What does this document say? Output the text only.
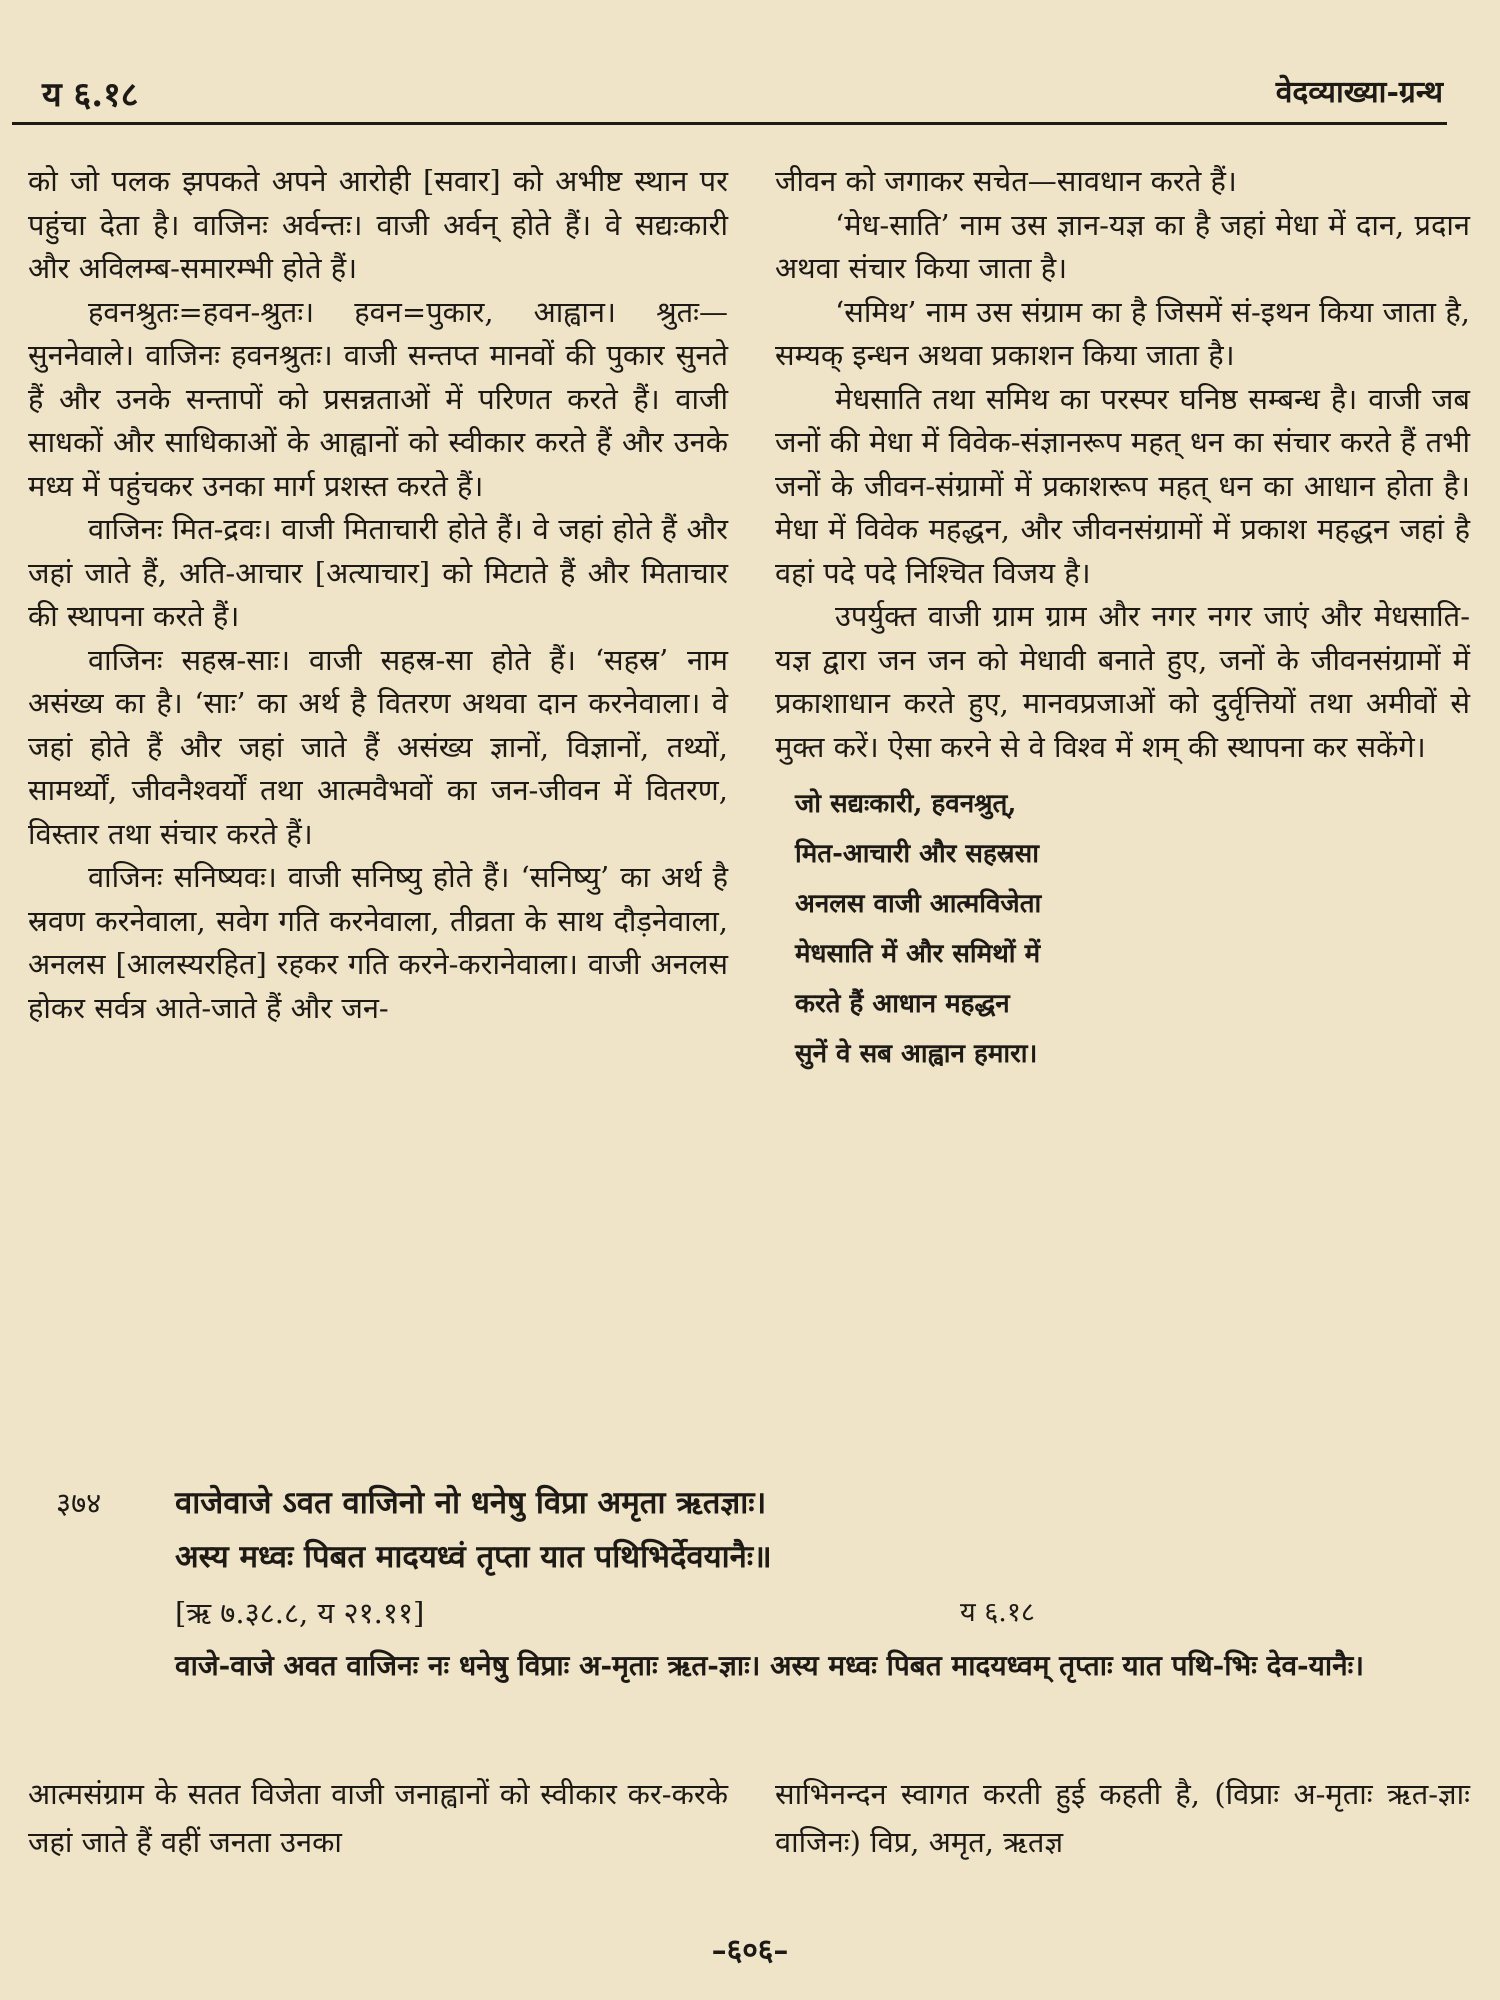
य ६.१८	वेदव्याख्या-ग्रन्थ

को जो पलक झपकते अपने आरोही [सवार] को अभीष्ट स्थान पर पहुंचा देता है। वाजिनः अर्वन्तः। वाजी अर्वन् होते हैं। वे सद्यःकारी और अविलम्ब-समारम्भी होते हैं।

हवनश्रुतः=हवन-श्रुतः। हवन=पुकार, आह्वान। श्रुतः—सुननेवाले। वाजिनः हवनश्रुतः। वाजी सन्तप्त मानवों की पुकार सुनते हैं और उनके सन्तापों को प्रसन्नताओं में परिणत करते हैं। वाजी साधकों और साधिकाओं के आह्वानों को स्वीकार करते हैं और उनके मध्य में पहुंचकर उनका मार्ग प्रशस्त करते हैं।

वाजिनः मित-द्रवः। वाजी मिताचारी होते हैं। वे जहां होते हैं और जहां जाते हैं, अति-आचार [अत्याचार] को मिटाते हैं और मिताचार की स्थापना करते हैं।

वाजिनः सहस्र-साः। वाजी सहस्र-सा होते हैं। ‘सहस्र’ नाम असंख्य का है। ‘साः’ का अर्थ है वितरण अथवा दान करनेवाला। वे जहां होते हैं और जहां जाते हैं असंख्य ज्ञानों, विज्ञानों, तथ्यों, सामर्थ्यों, जीवनैश्वर्यों तथा आत्मवैभवों का जन-जीवन में वितरण, विस्तार तथा संचार करते हैं।

वाजिनः सनिष्यवः। वाजी सनिष्यु होते हैं। ‘सनिष्यु’ का अर्थ है स्रवण करनेवाला, सवेग गति करनेवाला, तीव्रता के साथ दौड़नेवाला, अनलस [आलस्यरहित] रहकर गति करने-करानेवाला। वाजी अनलस होकर सर्वत्र आते-जाते हैं और जन-

जीवन को जगाकर सचेत—सावधान करते हैं।

‘मेध-साति’ नाम उस ज्ञान-यज्ञ का है जहां मेधा में दान, प्रदान अथवा संचार किया जाता है।

‘समिथ’ नाम उस संग्राम का है जिसमें सं-इथन किया जाता है, सम्यक् इन्धन अथवा प्रकाशन किया जाता है।

मेधसाति तथा समिथ का परस्पर घनिष्ठ सम्बन्ध है। वाजी जब जनों की मेधा में विवेक-संज्ञानरूप महत् धन का संचार करते हैं तभी जनों के जीवन-संग्रामों में प्रकाशरूप महत् धन का आधान होता है। मेधा में विवेक महद्धन, और जीवनसंग्रामों में प्रकाश महद्धन जहां है वहां पदे पदे निश्चित विजय है।

उपर्युक्त वाजी ग्राम ग्राम और नगर नगर जाएं और मेधसाति-यज्ञ द्वारा जन जन को मेधावी बनाते हुए, जनों के जीवनसंग्रामों में प्रकाशाधान करते हुए, मानवप्रजाओं को दुर्वृत्तियों तथा अमीवों से मुक्त करें। ऐसा करने से वे विश्व में शम् की स्थापना कर सकेंगे।

जो सद्यःकारी, हवनश्रुत्,
मित-आचारी और सहस्रसा
अनलस वाजी आत्मविजेता
मेधसाति में और समिथों में
करते हैं आधान महद्धन
सुनें वे सब आह्वान हमारा।
३७४ वाजेवाजे ऽवत वाजिनो नो धनेषु विप्रा अमृता ऋतज्ञाः।
अस्य मध्वः पिबत मादयध्वं तृप्ता यात पथिभिर्देवयानैः॥
[ऋ ७.३८.८, य २१.११]	य ६.१८
वाजे-वाजे अवत वाजिनः नः धनेषु विप्राः अ-मृताः ऋत-ज्ञाः। अस्य मध्वः पिबत मादयध्वम् तृप्ताः यात पथि-भिः देव-यानैः।
आत्मसंग्राम के सतत विजेता वाजी जनाह्वानों को स्वीकार कर-करके जहां जाते हैं वहीं जनता उनका
साभिनन्दन स्वागत करती हुई कहती है, (विप्राः अ-मृताः ऋत-ज्ञाः वाजिनः) विप्र, अमृत, ऋतज्ञ
–६०६–
